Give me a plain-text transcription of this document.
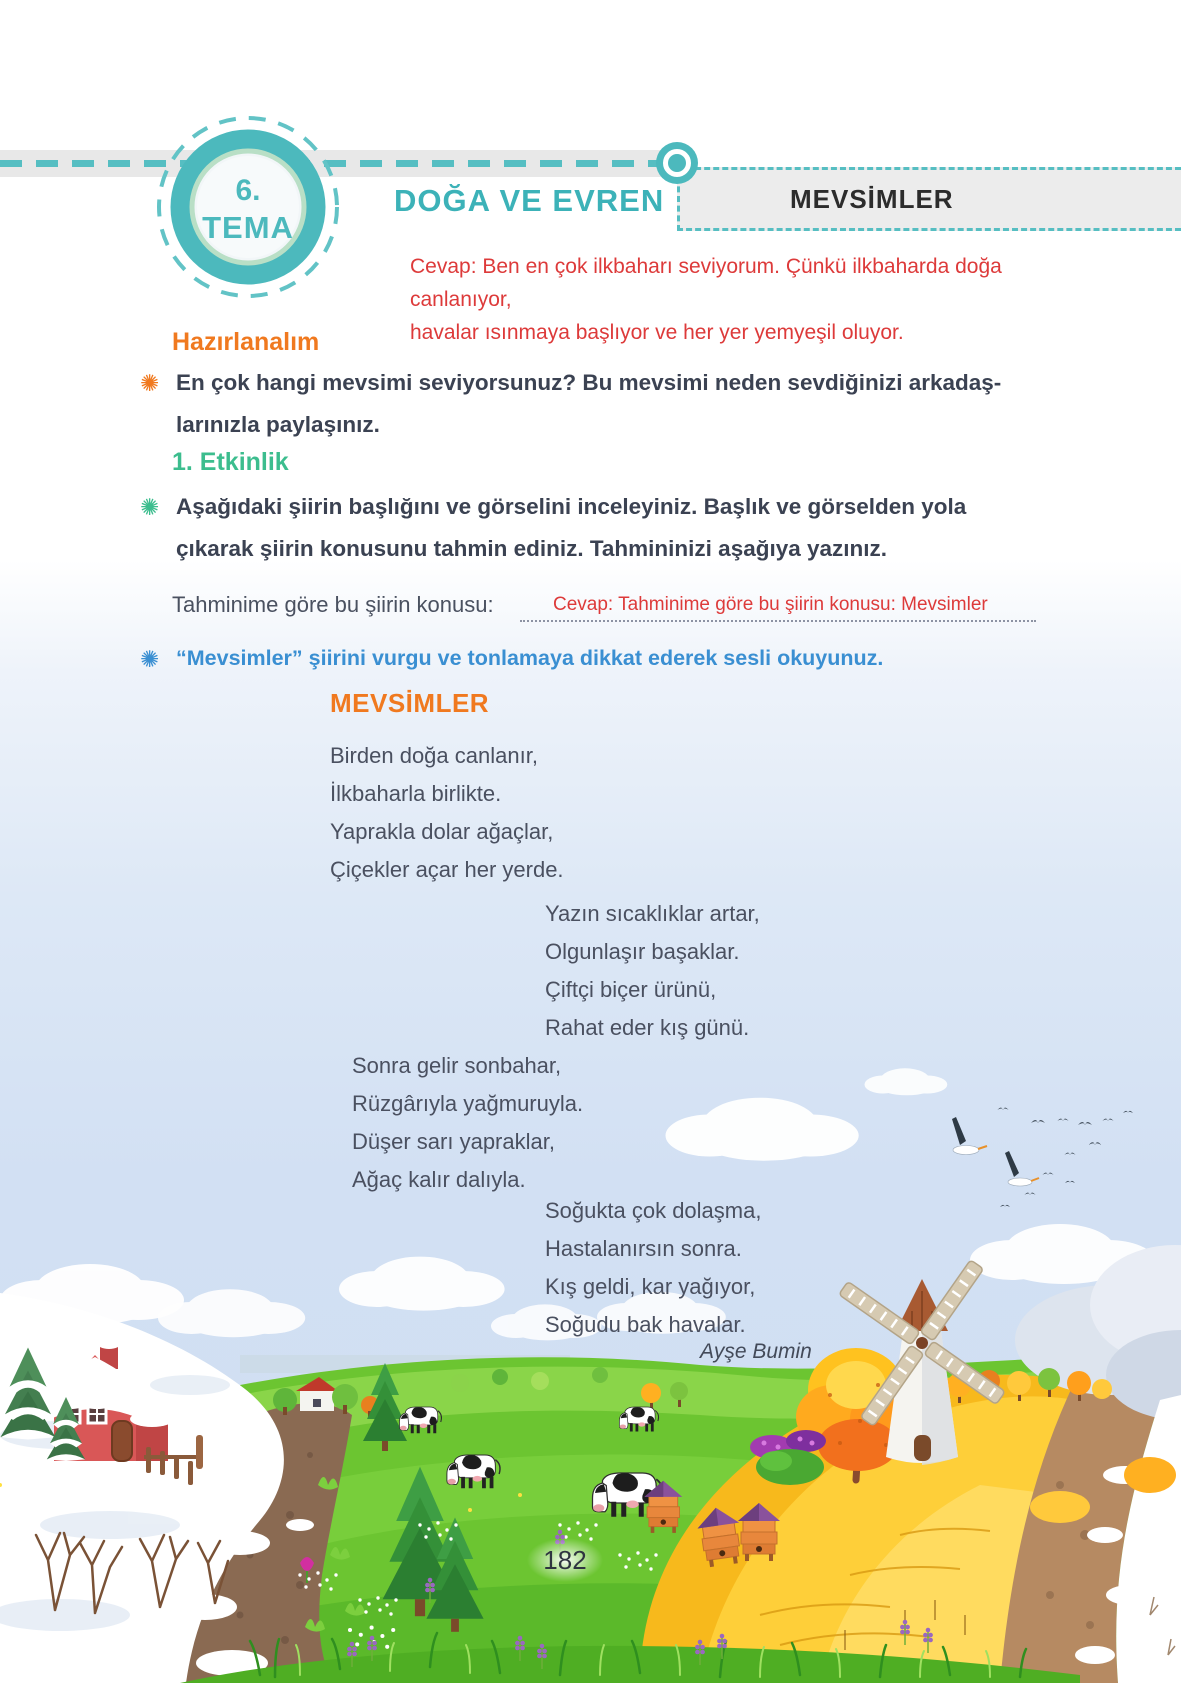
MEVSİMLER
6.
TEMA
DOĞA VE EVREN
Cevap: Ben en çok ilkbaharı seviyorum. Çünkü ilkbaharda doğa canlanıyor,
havalar ısınmaya başlıyor ve her yer yemyeşil oluyor.
Hazırlanalım
✺ En çok hangi mevsimi seviyorsunuz? Bu mevsimi neden sevdiğinizi arkadaş-
larınızla paylaşınız.
1. Etkinlik
✺ Aşağıdaki şiirin başlığını ve görselini inceleyiniz. Başlık ve görselden yola
çıkarak şiirin konusunu tahmin ediniz. Tahmininizi aşağıya yazınız.
Tahminime göre bu şiirin konusu:	Cevap: Tahminime göre bu şiirin konusu: Mevsimler
✺ “Mevsimler” şiirini vurgu ve tonlamaya dikkat ederek sesli okuyunuz.
MEVSİMLER
Birden doğa canlanır,
İlkbaharla birlikte.
Yaprakla dolar ağaçlar,
Çiçekler açar her yerde.
Yazın sıcaklıklar artar,
Olgunlaşır başaklar.
Çiftçi biçer ürünü,
Rahat eder kış günü.
Sonra gelir sonbahar,
Rüzgârıyla yağmuruyla.
Düşer sarı yapraklar,
Ağaç kalır dalıyla.
Soğukta çok dolaşma,
Hastalanırsın sonra.
Kış geldi, kar yağıyor,
Soğudu bak havalar.
Ayşe Bumin
182
